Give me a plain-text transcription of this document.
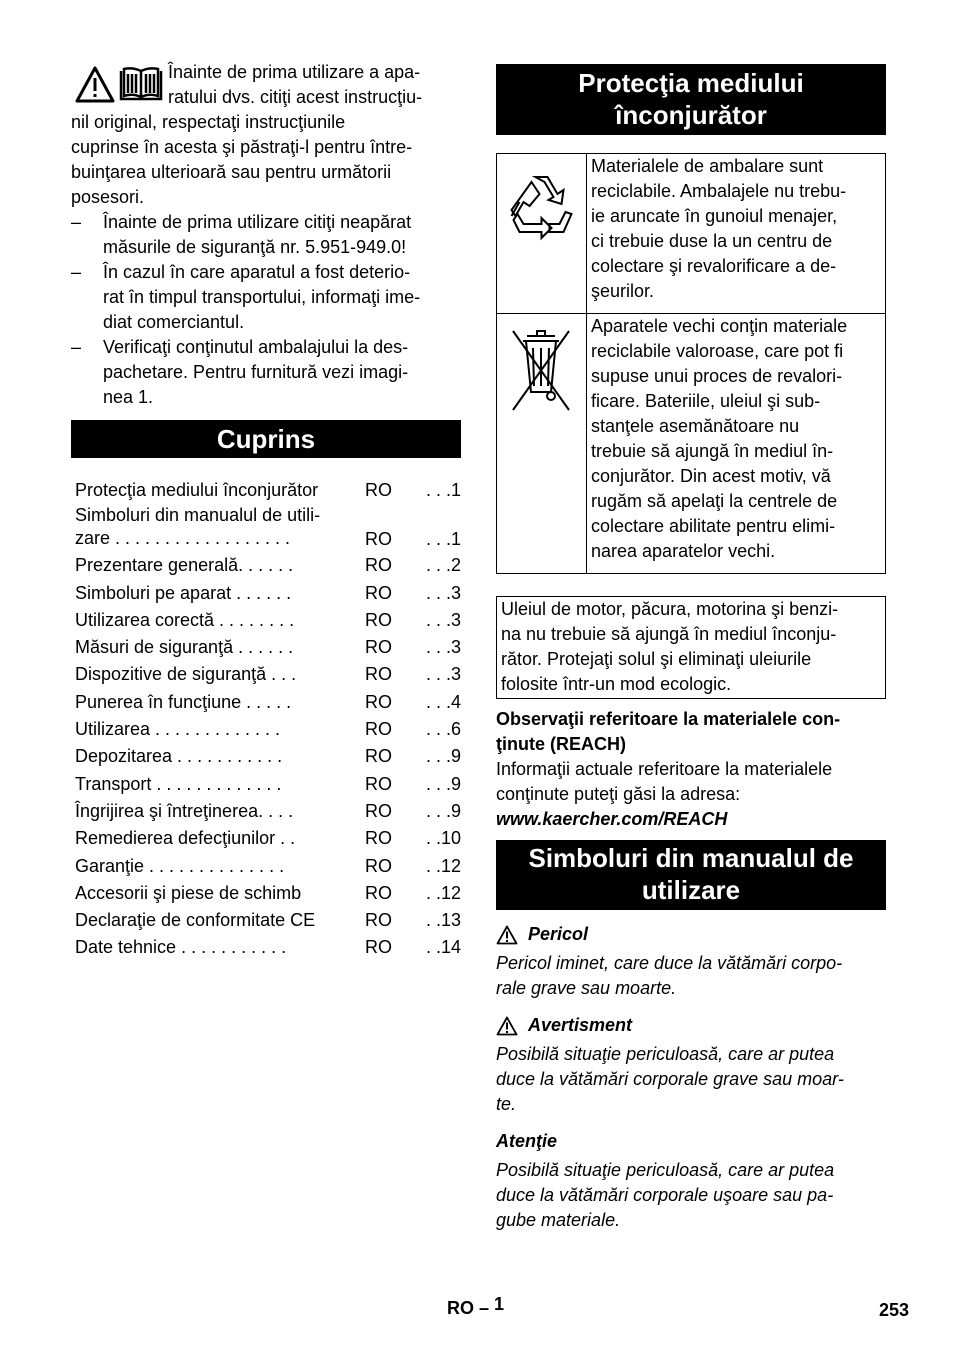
Înainte de prima utilizare a apa-
ratului dvs. citiţi acest instrucţiu-
nil original, respectaţi instrucţiunile
cuprinse în acesta şi păstraţi-l pentru între-
buinţarea ulterioară sau pentru următorii
posesori.
– Înainte de prima utilizare citiţi neapărat
măsurile de siguranţă nr. 5.951-949.0!
– În cazul în care aparatul a fost deterio-
rat în timpul transportului, informaţi ime-
diat comerciantul.
– Verificaţi conţinutul ambalajului la des-
pachetare. Pentru furnitură vezi imagi-
nea 1.
Cuprins
Protecţia mediului înconjurător	RO	. . .1
Simboluri din manualul de utili-
zare . . . . . . . . . . . . . . . . . .	RO	. . .1
Prezentare generală. . . . . .	RO	. . .2
Simboluri pe aparat . . . . . .	RO	. . .3
Utilizarea corectă . . . . . . . .	RO	. . .3
Măsuri de siguranţă . . . . . .	RO	. . .3
Dispozitive de siguranţă . . .	RO	. . .3
Punerea în funcţiune . . . . .	RO	. . .4
Utilizarea . . . . . . . . . . . . .	RO	. . .6
Depozitarea . . . . . . . . . . .	RO	. . .9
Transport . . . . . . . . . . . . .	RO	. . .9
Îngrijirea şi întreţinerea. . . .	RO	. . .9
Remedierea defecţiunilor . .	RO	. .10
Garanţie . . . . . . . . . . . . . .	RO	. .12
Accesorii şi piese de schimb	RO	. .12
Declaraţie de conformitate CE	RO	. .13
Date tehnice . . . . . . . . . . .	RO	. .14
Protecţia mediului
înconjurător
Materialele de ambalare sunt
reciclabile. Ambalajele nu trebu-
ie aruncate în gunoiul menajer,
ci trebuie duse la un centru de
colectare şi revalorificare a de-
şeurilor.
Aparatele vechi conţin materiale
reciclabile valoroase, care pot fi
supuse unui proces de revalori-
ficare. Bateriile, uleiul şi sub-
stanţele asemănătoare nu
trebuie să ajungă în mediul în-
conjurător. Din acest motiv, vă
rugăm să apelaţi la centrele de
colectare abilitate pentru elimi-
narea aparatelor vechi.
Uleiul de motor, păcura, motorina şi benzi-
na nu trebuie să ajungă în mediul înconju-
rător. Protejaţi solul şi eliminaţi uleiurile
folosite într-un mod ecologic.
Observaţii referitoare la materialele con-
ţinute (REACH)
Informaţii actuale referitoare la materialele
conţinute puteţi găsi la adresa:
www.kaercher.com/REACH
Simboluri din manualul de
utilizare
Pericol
Pericol iminet, care duce la vătămări corpo-
rale grave sau moarte.
Avertisment
Posibilă situaţie periculoasă, care ar putea
duce la vătămări corporale grave sau moar-
te.
Atenţie
Posibilă situaţie periculoasă, care ar putea
duce la vătămări corporale uşoare sau pa-
gube materiale.
RO – 1	253
